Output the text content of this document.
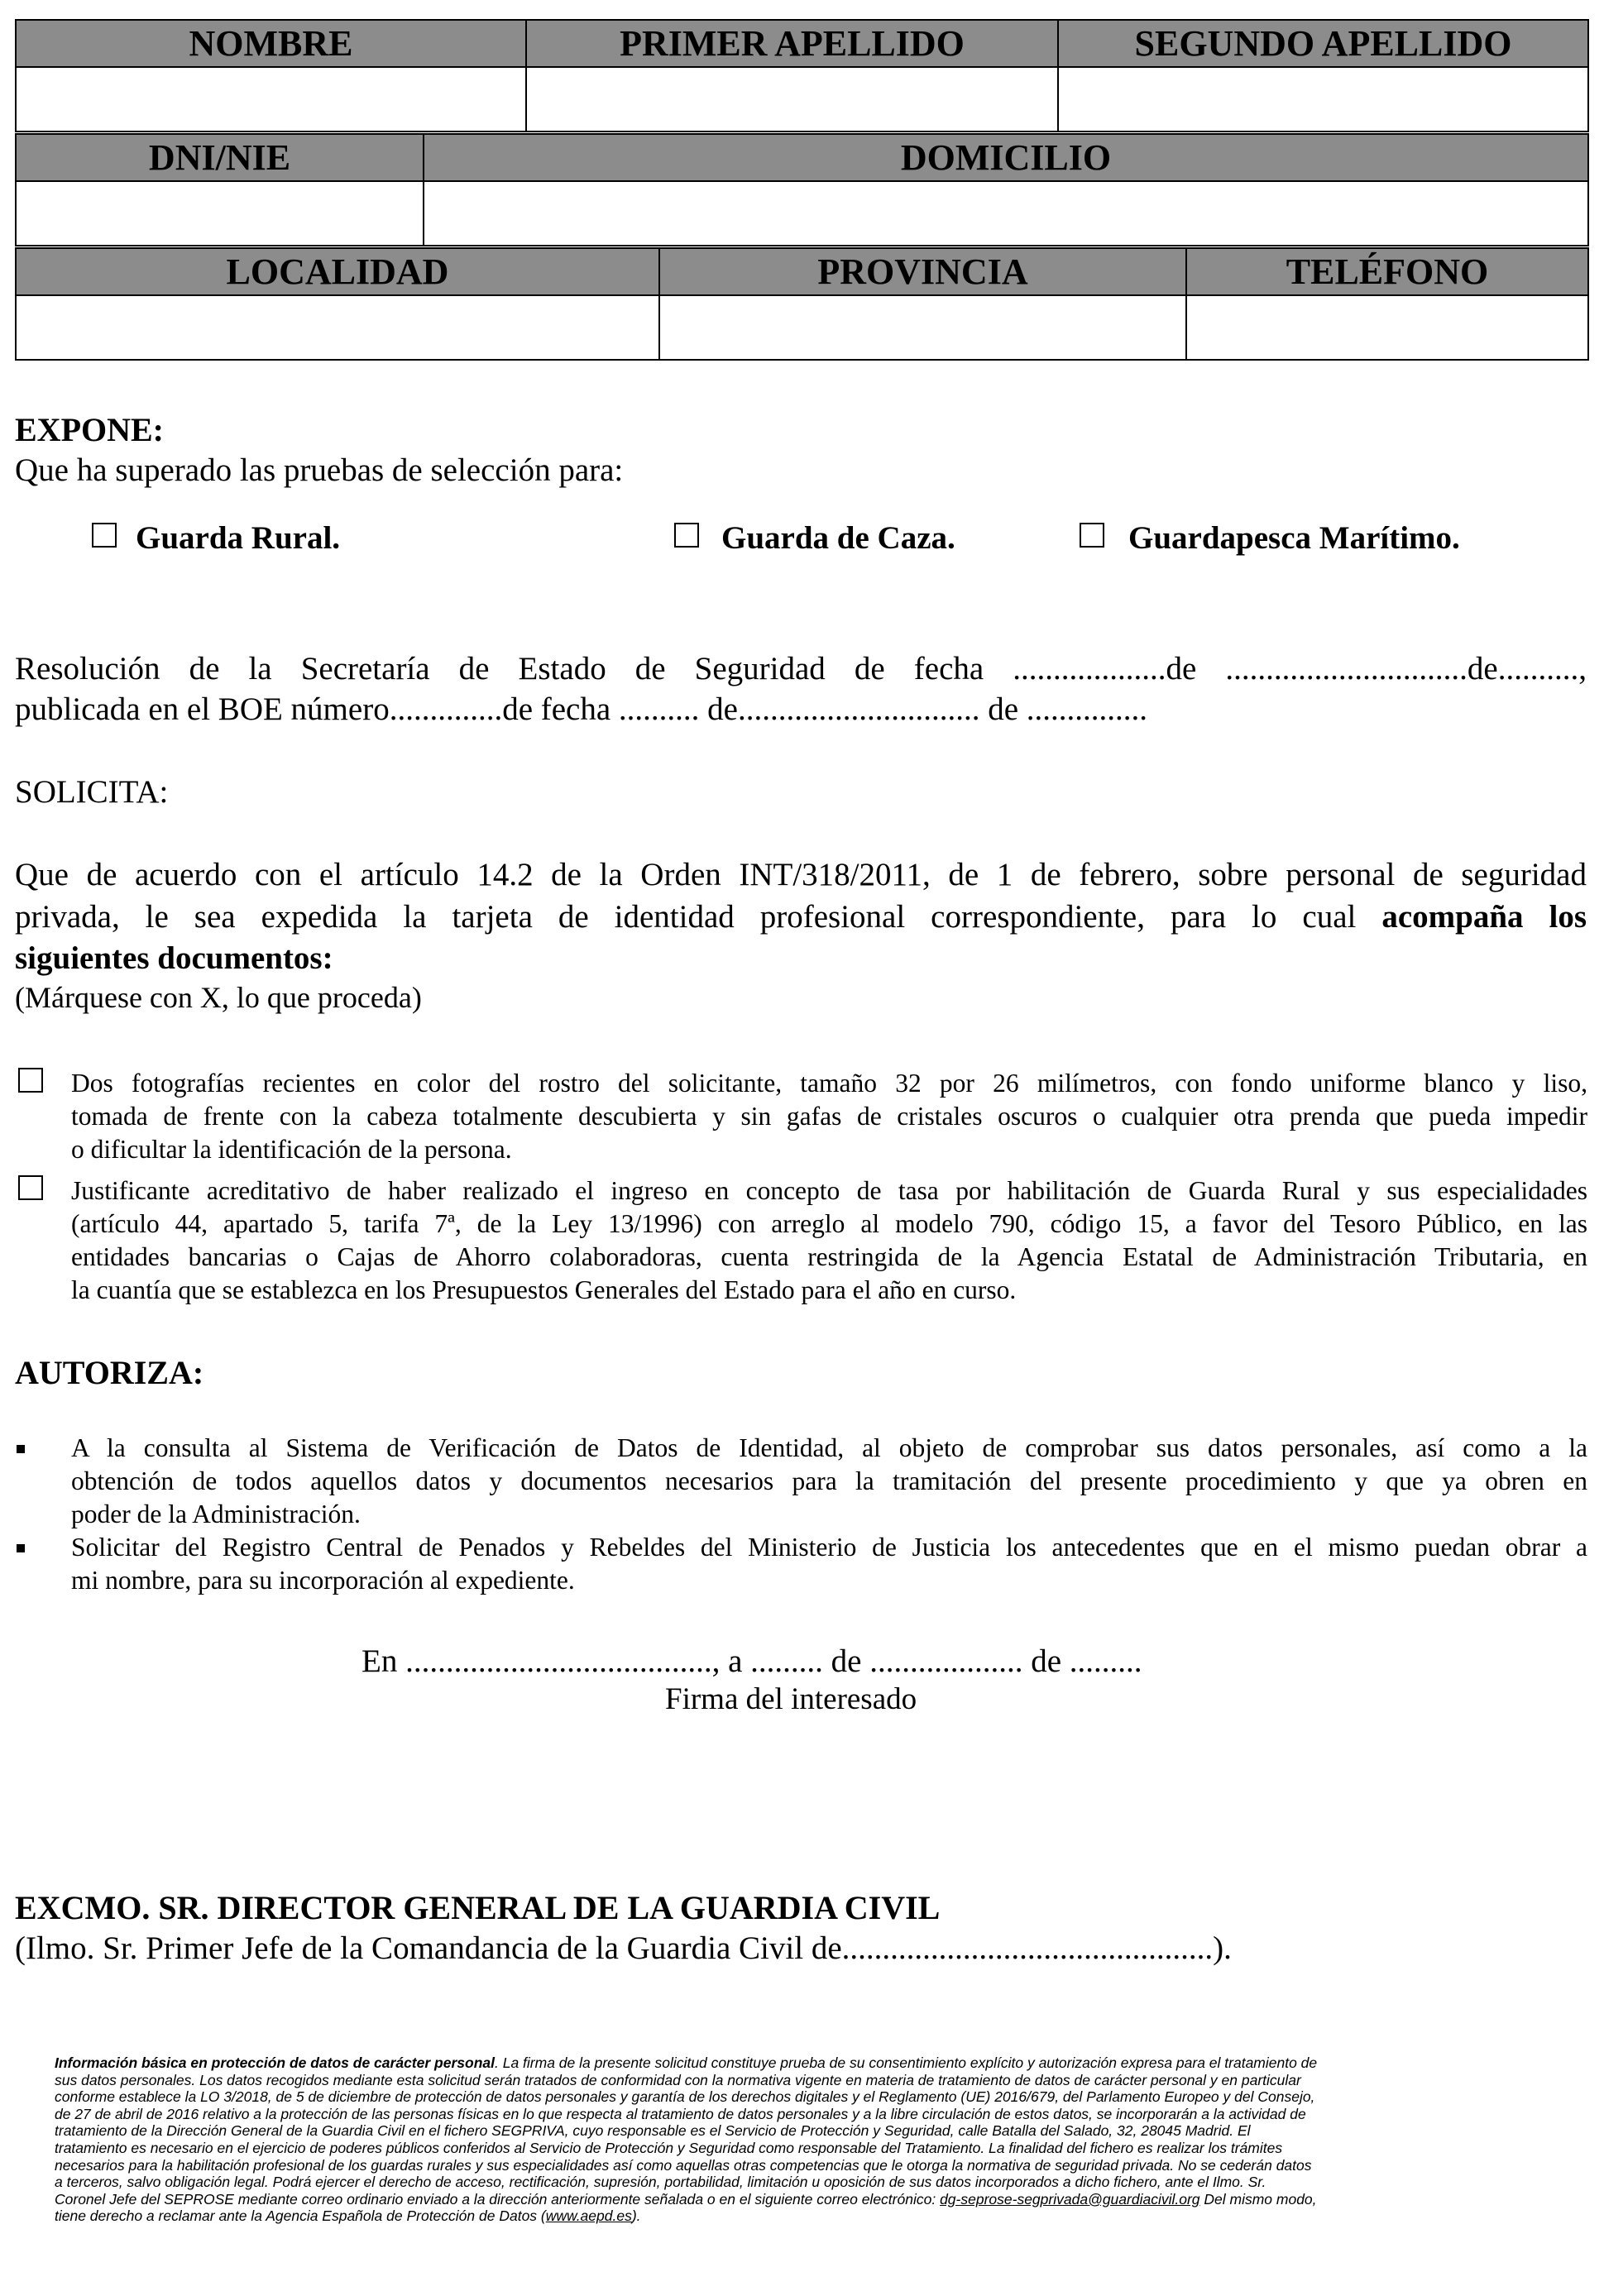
NOMBRE	PRIMER APELLIDO	SEGUNDO APELLIDO

DNI/NIE	DOMICILIO

LOCALIDAD	PROVINCIA	TELÉFONO

EXPONE:
Que ha superado las pruebas de selección para:
Guarda Rural.	Guarda de Caza.	Guardapesca Marítimo.
Resolución de la Secretaría de Estado de Seguridad de fecha ...................de ..............................de..........,
publicada en el BOE número..............de fecha .......... de.............................. de ...............
SOLICITA:
Que de acuerdo con el artículo 14.2 de la Orden INT/318/2011, de 1 de febrero, sobre personal de seguridad
privada, le sea expedida la tarjeta de identidad profesional correspondiente, para lo cual acompaña los
siguientes documentos:
(Márquese con X, lo que proceda)
Dos fotografías recientes en color del rostro del solicitante, tamaño 32 por 26 milímetros, con fondo uniforme blanco y liso,
tomada de frente con la cabeza totalmente descubierta y sin gafas de cristales oscuros o cualquier otra prenda que pueda impedir
o dificultar la identificación de la persona.
Justificante acreditativo de haber realizado el ingreso en concepto de tasa por habilitación de Guarda Rural y sus especialidades
(artículo 44, apartado 5, tarifa 7ª, de la Ley 13/1996) con arreglo al modelo 790, código 15, a favor del Tesoro Público, en las
entidades bancarias o Cajas de Ahorro colaboradoras, cuenta restringida de la Agencia Estatal de Administración Tributaria, en
la cuantía que se establezca en los Presupuestos Generales del Estado para el año en curso.
AUTORIZA:
A la consulta al Sistema de Verificación de Datos de Identidad, al objeto de comprobar sus datos personales, así como a la
obtención de todos aquellos datos y documentos necesarios para la tramitación del presente procedimiento y que ya obren en
poder de la Administración.
Solicitar del Registro Central de Penados y Rebeldes del Ministerio de Justicia los antecedentes que en el mismo puedan obrar a
mi nombre, para su incorporación al expediente.
En ......................................, a ......... de ................... de .........
Firma del interesado
EXCMO. SR. DIRECTOR GENERAL DE LA GUARDIA CIVIL
(Ilmo. Sr. Primer Jefe de la Comandancia de la Guardia Civil de..............................................).
Información básica en protección de datos de carácter personal. La firma de la presente solicitud constituye prueba de su consentimiento explícito y autorización expresa para el tratamiento de
sus datos personales. Los datos recogidos mediante esta solicitud serán tratados de conformidad con la normativa vigente en materia de tratamiento de datos de carácter personal y en particular
conforme establece la LO 3/2018, de 5 de diciembre de protección de datos personales y garantía de los derechos digitales y el Reglamento (UE) 2016/679, del Parlamento Europeo y del Consejo,
de 27 de abril de 2016 relativo a la protección de las personas físicas en lo que respecta al tratamiento de datos personales y a la libre circulación de estos datos, se incorporarán a la actividad de
tratamiento de la Dirección General de la Guardia Civil en el fichero SEGPRIVA, cuyo responsable es el Servicio de Protección y Seguridad, calle Batalla del Salado, 32, 28045 Madrid. El
tratamiento es necesario en el ejercicio de poderes públicos conferidos al Servicio de Protección y Seguridad como responsable del Tratamiento. La finalidad del fichero es realizar los trámites
necesarios para la habilitación profesional de los guardas rurales y sus especialidades así como aquellas otras competencias que le otorga la normativa de seguridad privada. No se cederán datos
a terceros, salvo obligación legal. Podrá ejercer el derecho de acceso, rectificación, supresión, portabilidad, limitación u oposición de sus datos incorporados a dicho fichero, ante el Ilmo. Sr.
Coronel Jefe del SEPROSE mediante correo ordinario enviado a la dirección anteriormente señalada o en el siguiente correo electrónico: dg-seprose-segprivada@guardiacivil.org Del mismo modo,
tiene derecho a reclamar ante la Agencia Española de Protección de Datos (www.aepd.es).
